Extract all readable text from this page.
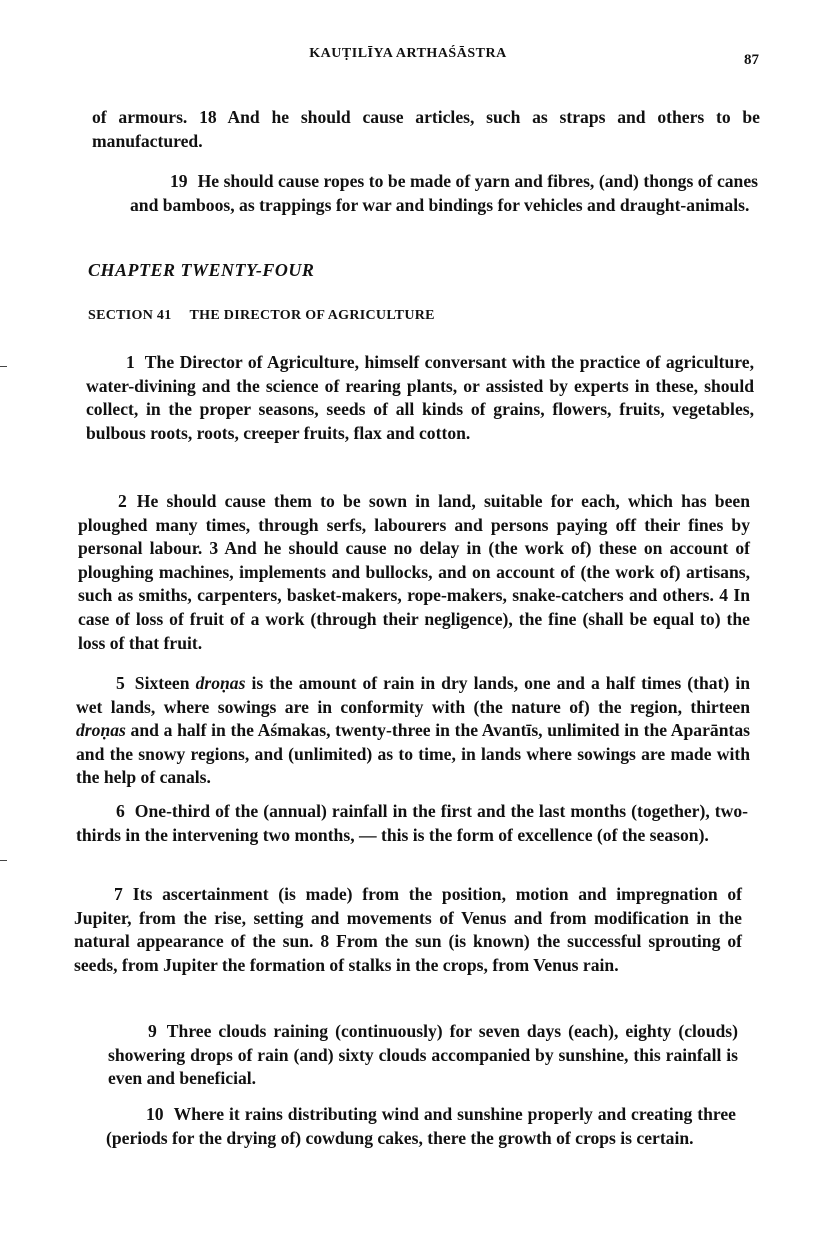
KAUṬILĪYA ARTHAŚĀSTRA	87

of armours. 18 And he should cause articles, such as straps and others to be manufactured.

19 He should cause ropes to be made of yarn and fibres, (and) thongs of canes and bamboos, as trappings for war and bindings for vehicles and draught-animals.

CHAPTER TWENTY-FOUR
SECTION 41 THE DIRECTOR OF AGRICULTURE

1 The Director of Agriculture, himself conversant with the practice of agriculture, water-divining and the science of rearing plants, or assisted by experts in these, should collect, in the proper seasons, seeds of all kinds of grains, flowers, fruits, vegetables, bulbous roots, roots, creeper fruits, flax and cotton.

2 He should cause them to be sown in land, suitable for each, which has been ploughed many times, through serfs, labourers and persons paying off their fines by personal labour. 3 And he should cause no delay in (the work of) these on account of ploughing machines, implements and bullocks, and on account of (the work of) artisans, such as smiths, carpenters, basket-makers, rope-makers, snake-catchers and others. 4 In case of loss of fruit of a work (through their negligence), the fine (shall be equal to) the loss of that fruit.

5 Sixteen droṇas is the amount of rain in dry lands, one and a half times (that) in wet lands, where sowings are in conformity with (the nature of) the region, thirteen droṇas and a half in the Aśmakas, twenty-three in the Avantīs, unlimited in the Aparāntas and the snowy regions, and (unlimited) as to time, in lands where sowings are made with the help of canals.

6 One-third of the (annual) rainfall in the first and the last months (together), two-thirds in the intervening two months, — this is the form of excellence (of the season).

7 Its ascertainment (is made) from the position, motion and impregnation of Jupiter, from the rise, setting and movements of Venus and from modification in the natural appearance of the sun. 8 From the sun (is known) the successful sprouting of seeds, from Jupiter the formation of stalks in the crops, from Venus rain.

9 Three clouds raining (continuously) for seven days (each), eighty (clouds) showering drops of rain (and) sixty clouds accompanied by sunshine, this rainfall is even and beneficial.

10 Where it rains distributing wind and sunshine properly and creating three (periods for the drying of) cowdung cakes, there the growth of crops is certain.
